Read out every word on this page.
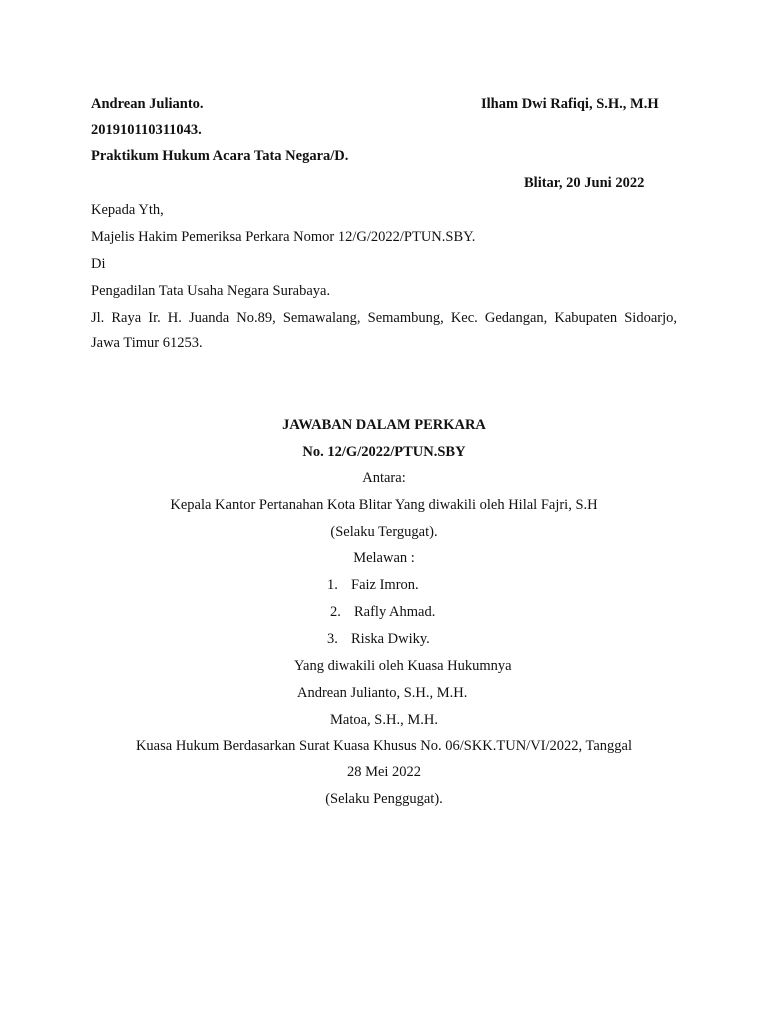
Andrean Julianto.	Ilham Dwi Rafiqi, S.H., M.H
201910110311043.
Praktikum Hukum Acara Tata Negara/D.
Blitar, 20 Juni 2022
Kepada Yth,
Majelis Hakim Pemeriksa Perkara Nomor 12/G/2022/PTUN.SBY.
Di
Pengadilan Tata Usaha Negara Surabaya.
Jl. Raya Ir. H. Juanda No.89, Semawalang, Semambung, Kec. Gedangan, Kabupaten Sidoarjo,
Jawa Timur 61253.
JAWABAN DALAM PERKARA
No. 12/G/2022/PTUN.SBY
Antara:
Kepala Kantor Pertanahan Kota Blitar Yang diwakili oleh Hilal Fajri, S.H
(Selaku Tergugat).
Melawan :
1. Faiz Imron.
2. Rafly Ahmad.
3. Riska Dwiky.
Yang diwakili oleh Kuasa Hukumnya
Andrean Julianto, S.H., M.H.
Matoa, S.H., M.H.
Kuasa Hukum Berdasarkan Surat Kuasa Khusus No. 06/SKK.TUN/VI/2022, Tanggal
28 Mei 2022
(Selaku Penggugat).
